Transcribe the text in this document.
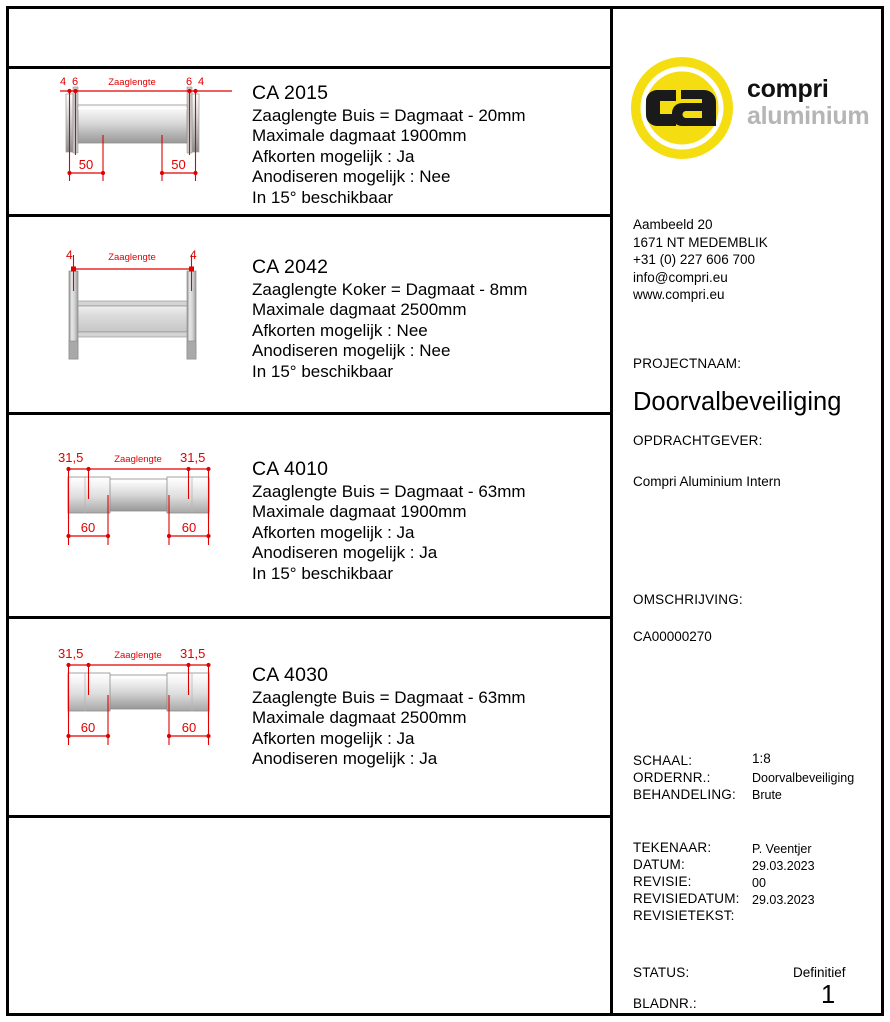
4 6	Zaaglengte	6 4
50	50
CA 2015
Zaaglengte Buis = Dagmaat - 20mm
Maximale dagmaat 1900mm
Afkorten mogelijk : Ja
Anodiseren mogelijk : Nee
In 15° beschikbaar
4	Zaaglengte	4
CA 2042
Zaaglengte Koker = Dagmaat - 8mm
Maximale dagmaat 2500mm
Afkorten mogelijk : Nee
Anodiseren mogelijk : Nee
In 15° beschikbaar
31,5	Zaaglengte 31,5
60	60
CA 4010
Zaaglengte Buis = Dagmaat - 63mm
Maximale dagmaat 1900mm
Afkorten mogelijk : Ja
Anodiseren mogelijk : Ja
In 15° beschikbaar
31,5	Zaaglengte 31,5
60	60
CA 4030
Zaaglengte Buis = Dagmaat - 63mm
Maximale dagmaat 2500mm
Afkorten mogelijk : Ja
Anodiseren mogelijk : Ja
compri
aluminium
Aambeeld 20
1671 NT MEDEMBLIK
+31 (0) 227 606 700
info@compri.eu
www.compri.eu
PROJECTNAAM:
Doorvalbeveiliging
OPDRACHTGEVER:
Compri Aluminium Intern
OMSCHRIJVING:
CA00000270
SCHAAL:	1:8
ORDERNR.:	Doorvalbeveiliging
BEHANDELING: Brute
TEKENAAR:	P. Veentjer
DATUM:	29.03.2023
REVISIE:	00
REVISIEDATUM: 29.03.2023
REVISIETEKST:
STATUS:	Definitief
BLADNR.:	1
